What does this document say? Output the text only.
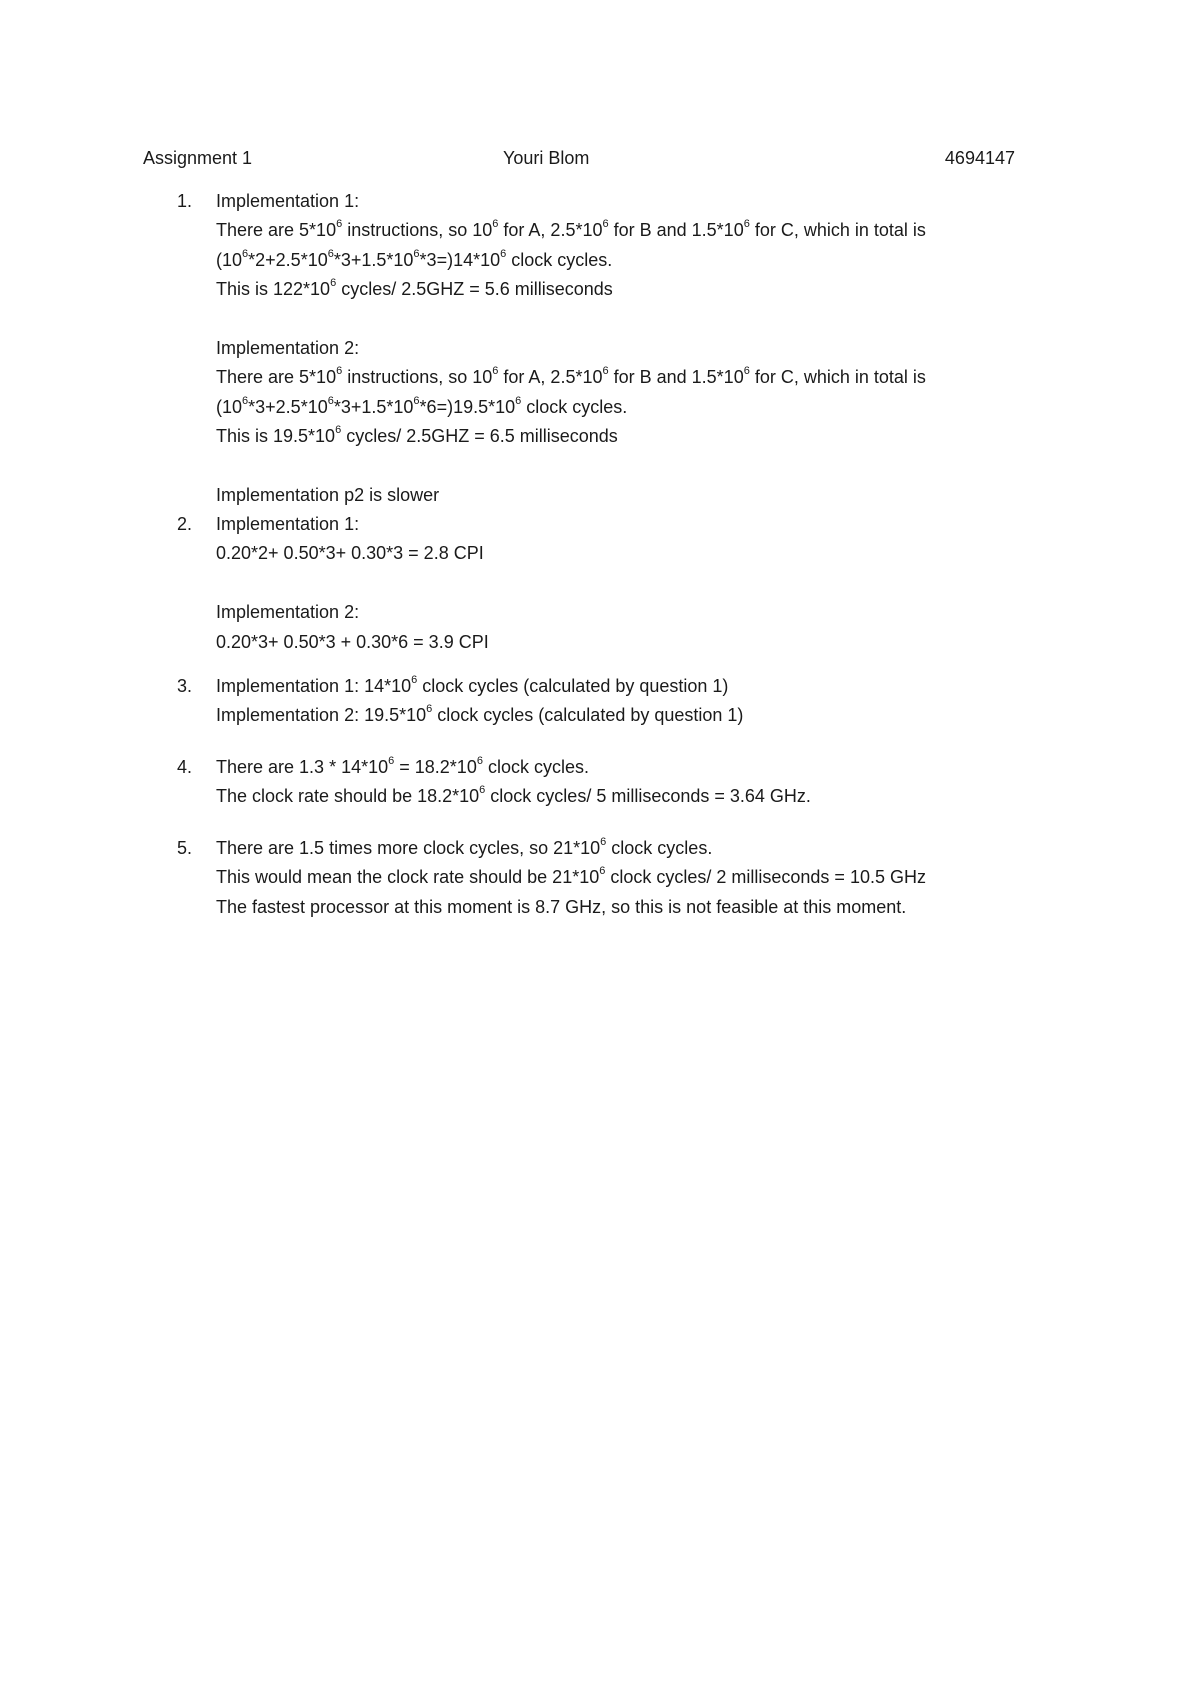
Assignment 1	Youri Blom	4694147
1. Implementation 1:
There are $5*10^6$ instructions, so $10^6$ for A, $2.5*10^6$ for B and $1.5*10^6$ for C, which in total is
$(10^6*2+2.5*10^6*3+1.5*10^6*3=)14*10^6$ clock cycles.
This is $122*10^6$ cycles/ 2.5GHZ = 5.6 milliseconds
Implementation 2:
There are $5*10^6$ instructions, so $10^6$ for A, $2.5*10^6$ for B and $1.5*10^6$ for C, which in total is
$(10^6*3+2.5*10^6*3+1.5*10^6*6=)19.5*10^6$ clock cycles.
This is $19.5*10^6$ cycles/ 2.5GHZ = 6.5 milliseconds
Implementation p2 is slower
2. Implementation 1:
0.20*2+ 0.50*3+ 0.30*3 = 2.8 CPI
Implementation 2:
0.20*3+ 0.50*3 + 0.30*6 = 3.9 CPI
3. Implementation 1: $14*10^6$ clock cycles (calculated by question 1)
Implementation 2: $19.5*10^6$ clock cycles (calculated by question 1)
4. There are $1.3 * 14*10^6 = 18.2*10^6$ clock cycles.
The clock rate should be $18.2*10^6$ clock cycles/ 5 milliseconds = 3.64 GHz.
5. There are 1.5 times more clock cycles, so $21*10^6$ clock cycles.
This would mean the clock rate should be $21*10^6$ clock cycles/ 2 milliseconds = 10.5 GHz
The fastest processor at this moment is 8.7 GHz, so this is not feasible at this moment.
